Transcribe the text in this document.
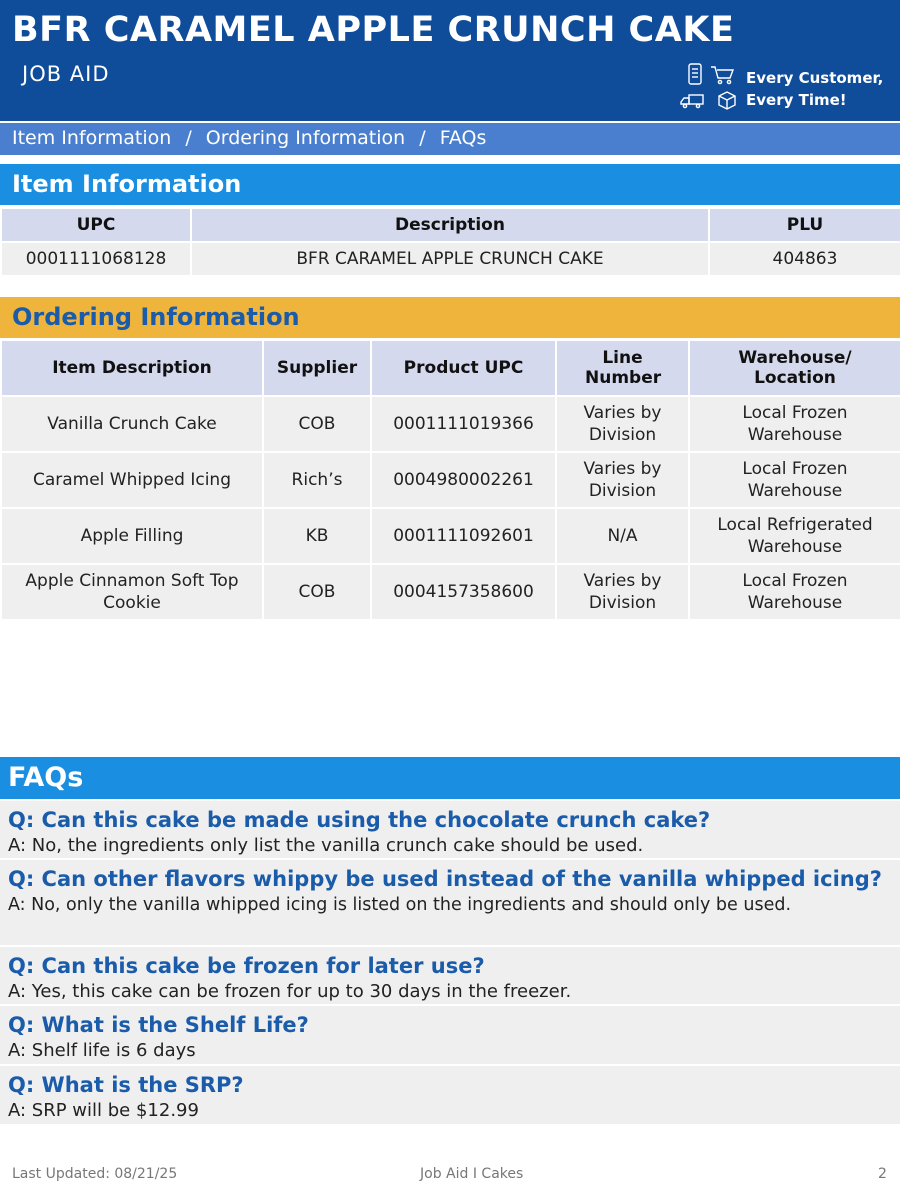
BFR CARAMEL APPLE CRUNCH CAKE
JOB AID	Every Customer,
Every Time!
Item Information / Ordering Information / FAQs
Item Information
UPC	Description	PLU
0001111068128	BFR CARAMEL APPLE CRUNCH CAKE	404863
Ordering Information
Item Description	Supplier	Product UPC	Line Number	Warehouse/ Location
Vanilla Crunch Cake	COB	0001111019366	Varies by Division	Local Frozen Warehouse
Caramel Whipped Icing	Rich’s	0004980002261	Varies by Division	Local Frozen Warehouse
Apple Filling	KB	0001111092601	N/A	Local Refrigerated Warehouse
Apple Cinnamon Soft Top Cookie	COB	0004157358600	Varies by Division	Local Frozen Warehouse
FAQs
Q: Can this cake be made using the chocolate crunch cake?
A: No, the ingredients only list the vanilla crunch cake should be used.
Q: Can other flavors whippy be used instead of the vanilla whipped icing?
A: No, only the vanilla whipped icing is listed on the ingredients and should only be used.
Q: Can this cake be frozen for later use?
A: Yes, this cake can be frozen for up to 30 days in the freezer.
Q: What is the Shelf Life?
A: Shelf life is 6 days
Q: What is the SRP?
A: SRP will be $12.99
Last Updated: 08/21/25	Job Aid I Cakes	2
